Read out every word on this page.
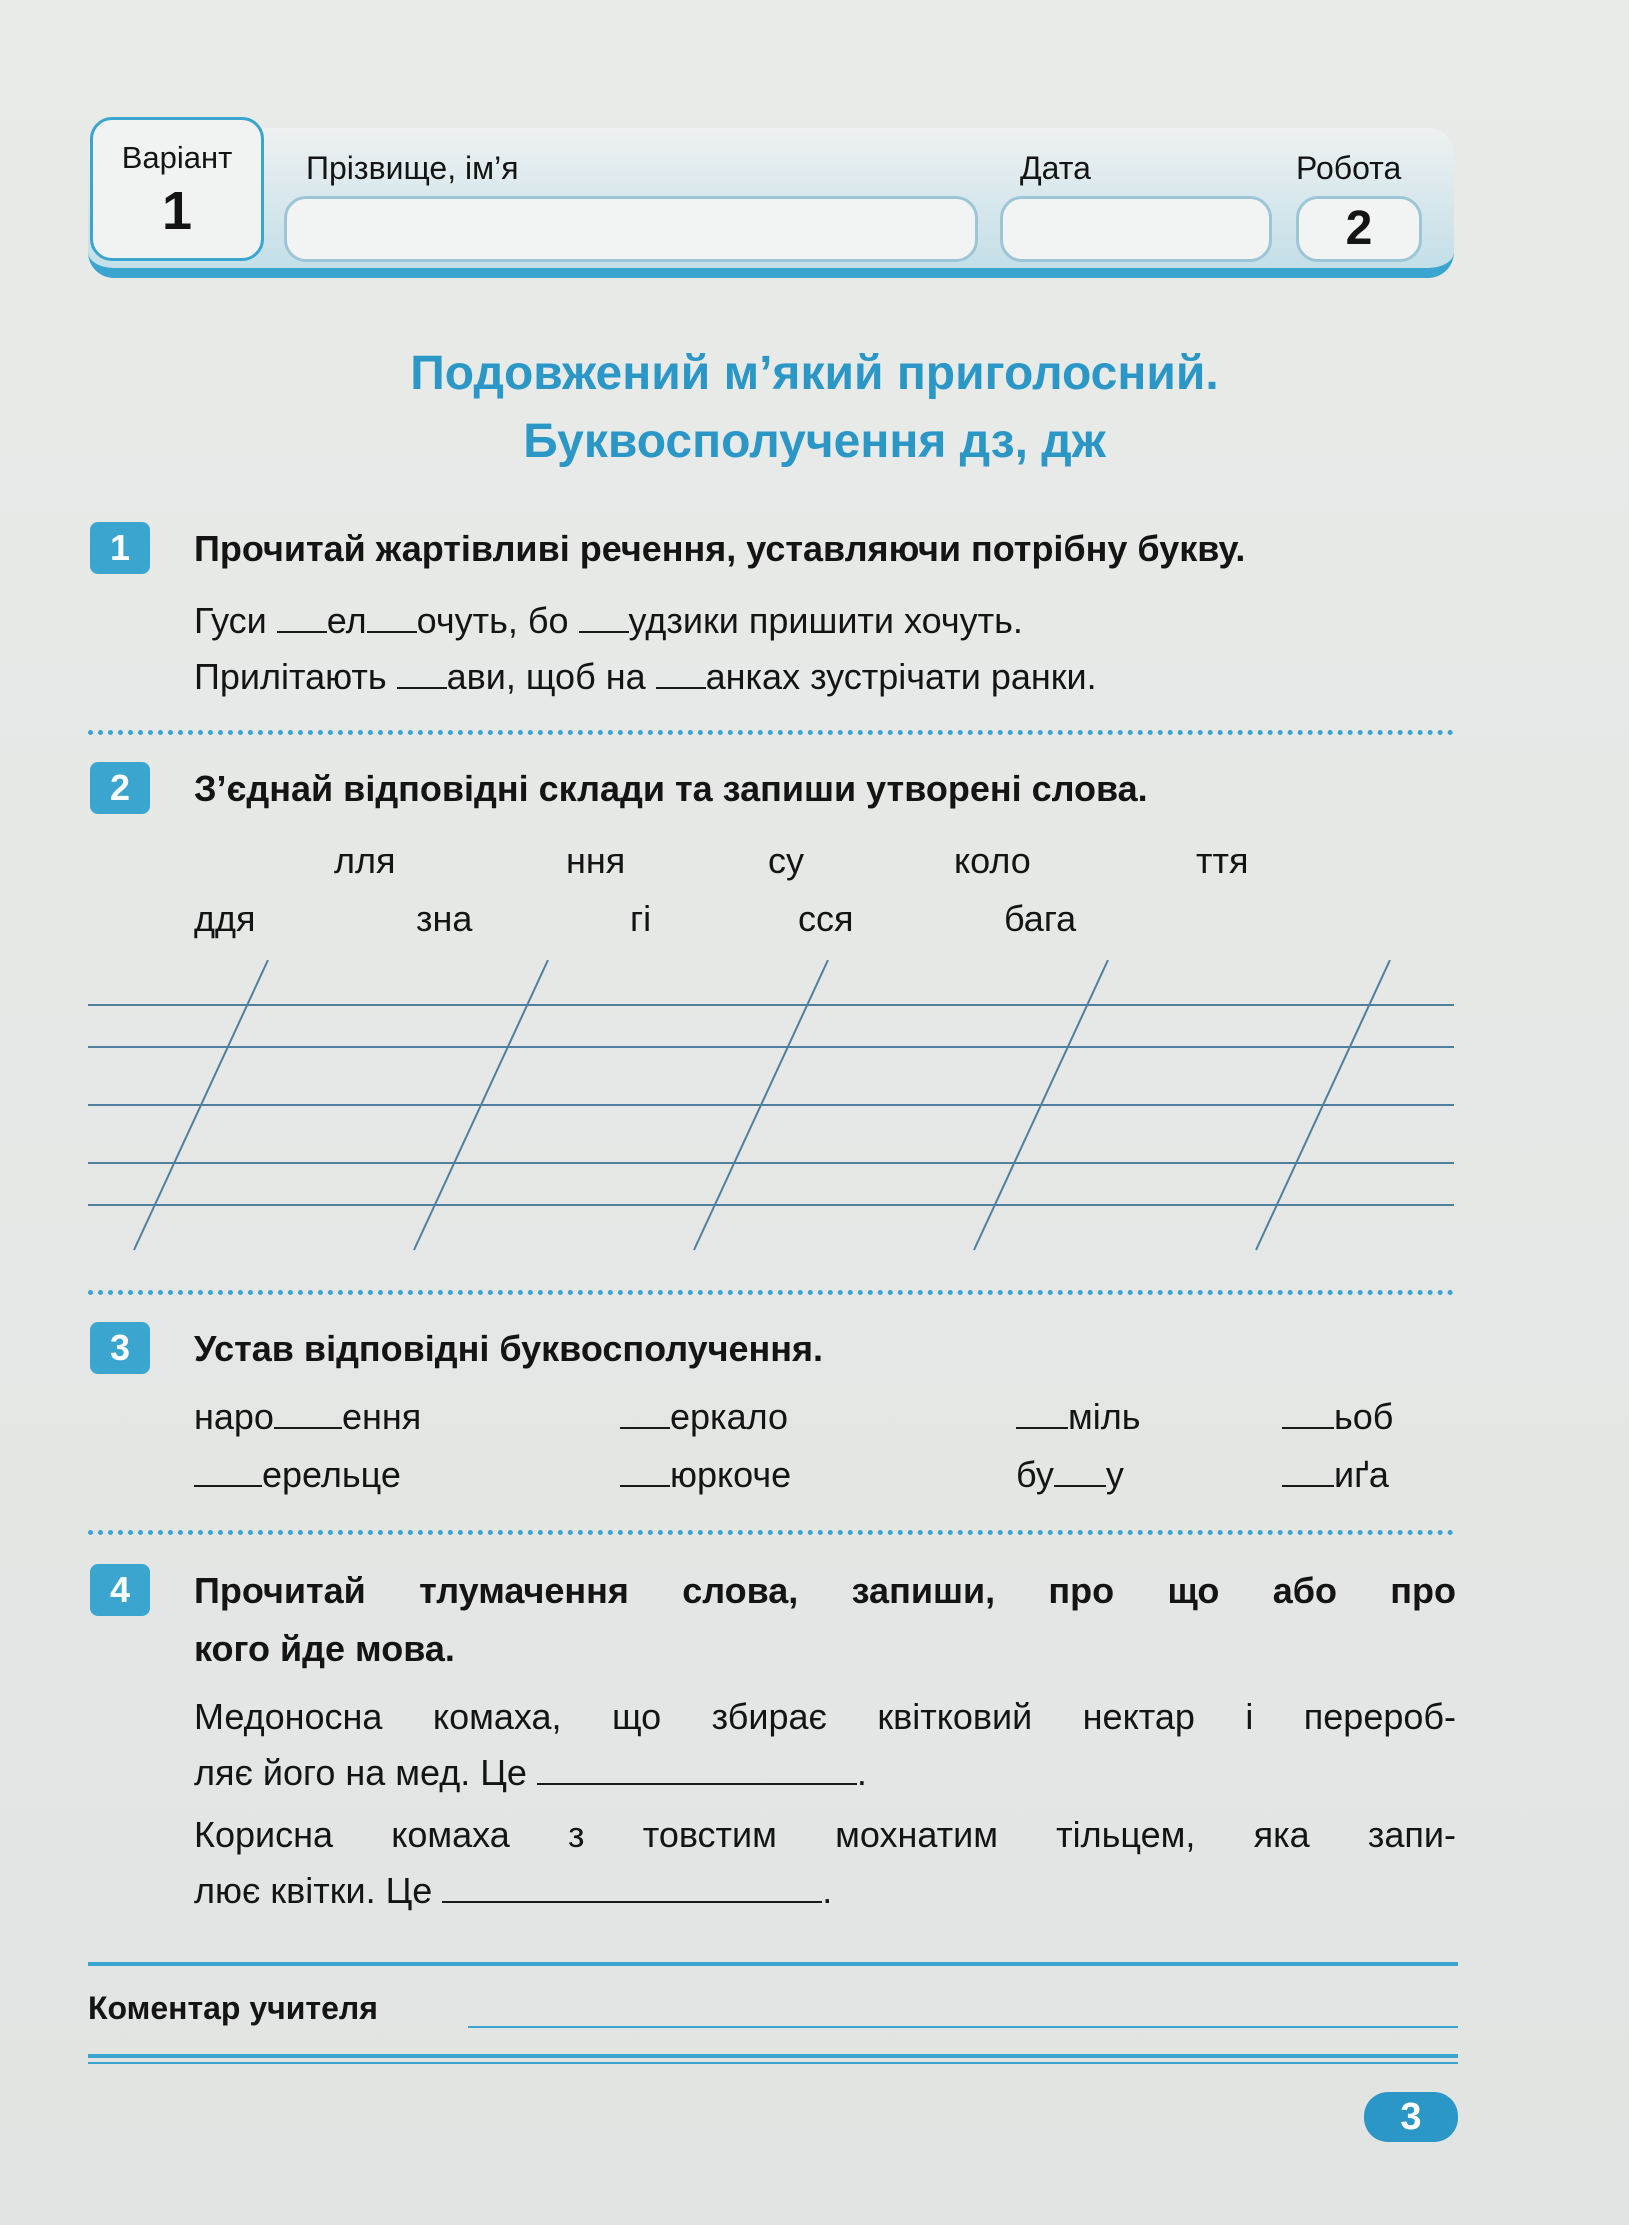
Варіант
1
Прізвище, ім’я	Дата	Робота
2
Подовжений м’який приголосний.
Буквосполучення дз, дж
1	Прочитай жартівливі речення, уставляючи потрібну букву.
Гуси ел очуть, бо удзики пришити хочуть.
Прилітають ави, щоб на анках зустрічати ранки.
2	З’єднай відповідні склади та запиши утворені слова.
лля	ння	су	коло	ття
ддя	зна	гі	сся	бага
3	Устав відповідні буквосполучення.
наро ення	еркало	міль	ьоб
ерельце	юркоче	бу у	иґа
4	Прочитай тлумачення слова, запиши, про що або про
кого йде мова.
Медоносна комаха, що збирає квітковий нектар і перероб-
ляє його на мед. Це	.
Корисна комаха з товстим мохнатим тільцем, яка запи-
лює квітки. Це	.
Коментар учителя
3
